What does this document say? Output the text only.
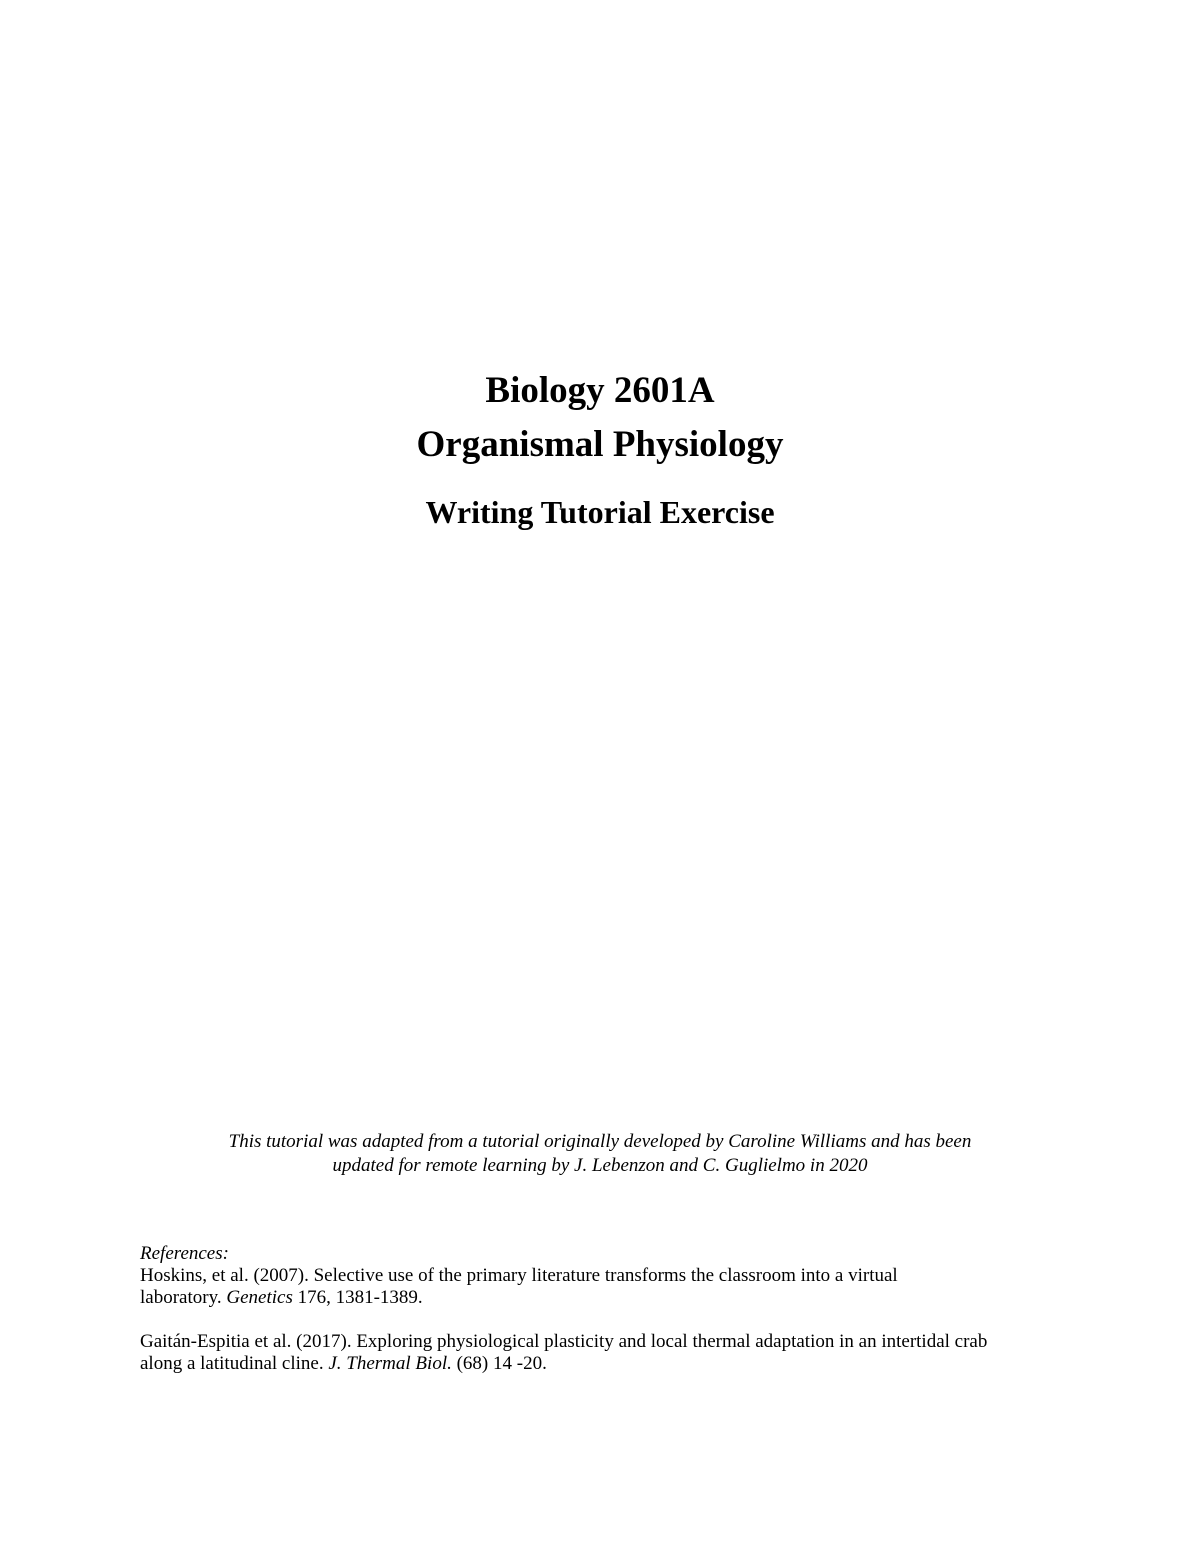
Biology 2601A
Organismal Physiology
Writing Tutorial Exercise
This tutorial was adapted from a tutorial originally developed by Caroline Williams and has been
updated for remote learning by J. Lebenzon and C. Guglielmo in 2020
References:

Hoskins, et al. (2007). Selective use of the primary literature transforms the classroom into a virtual
laboratory. Genetics 176, 1381-1389.

Gaitán-Espitia et al. (2017). Exploring physiological plasticity and local thermal adaptation in an intertidal crab
along a latitudinal cline. J. Thermal Biol. (68) 14 -20.
